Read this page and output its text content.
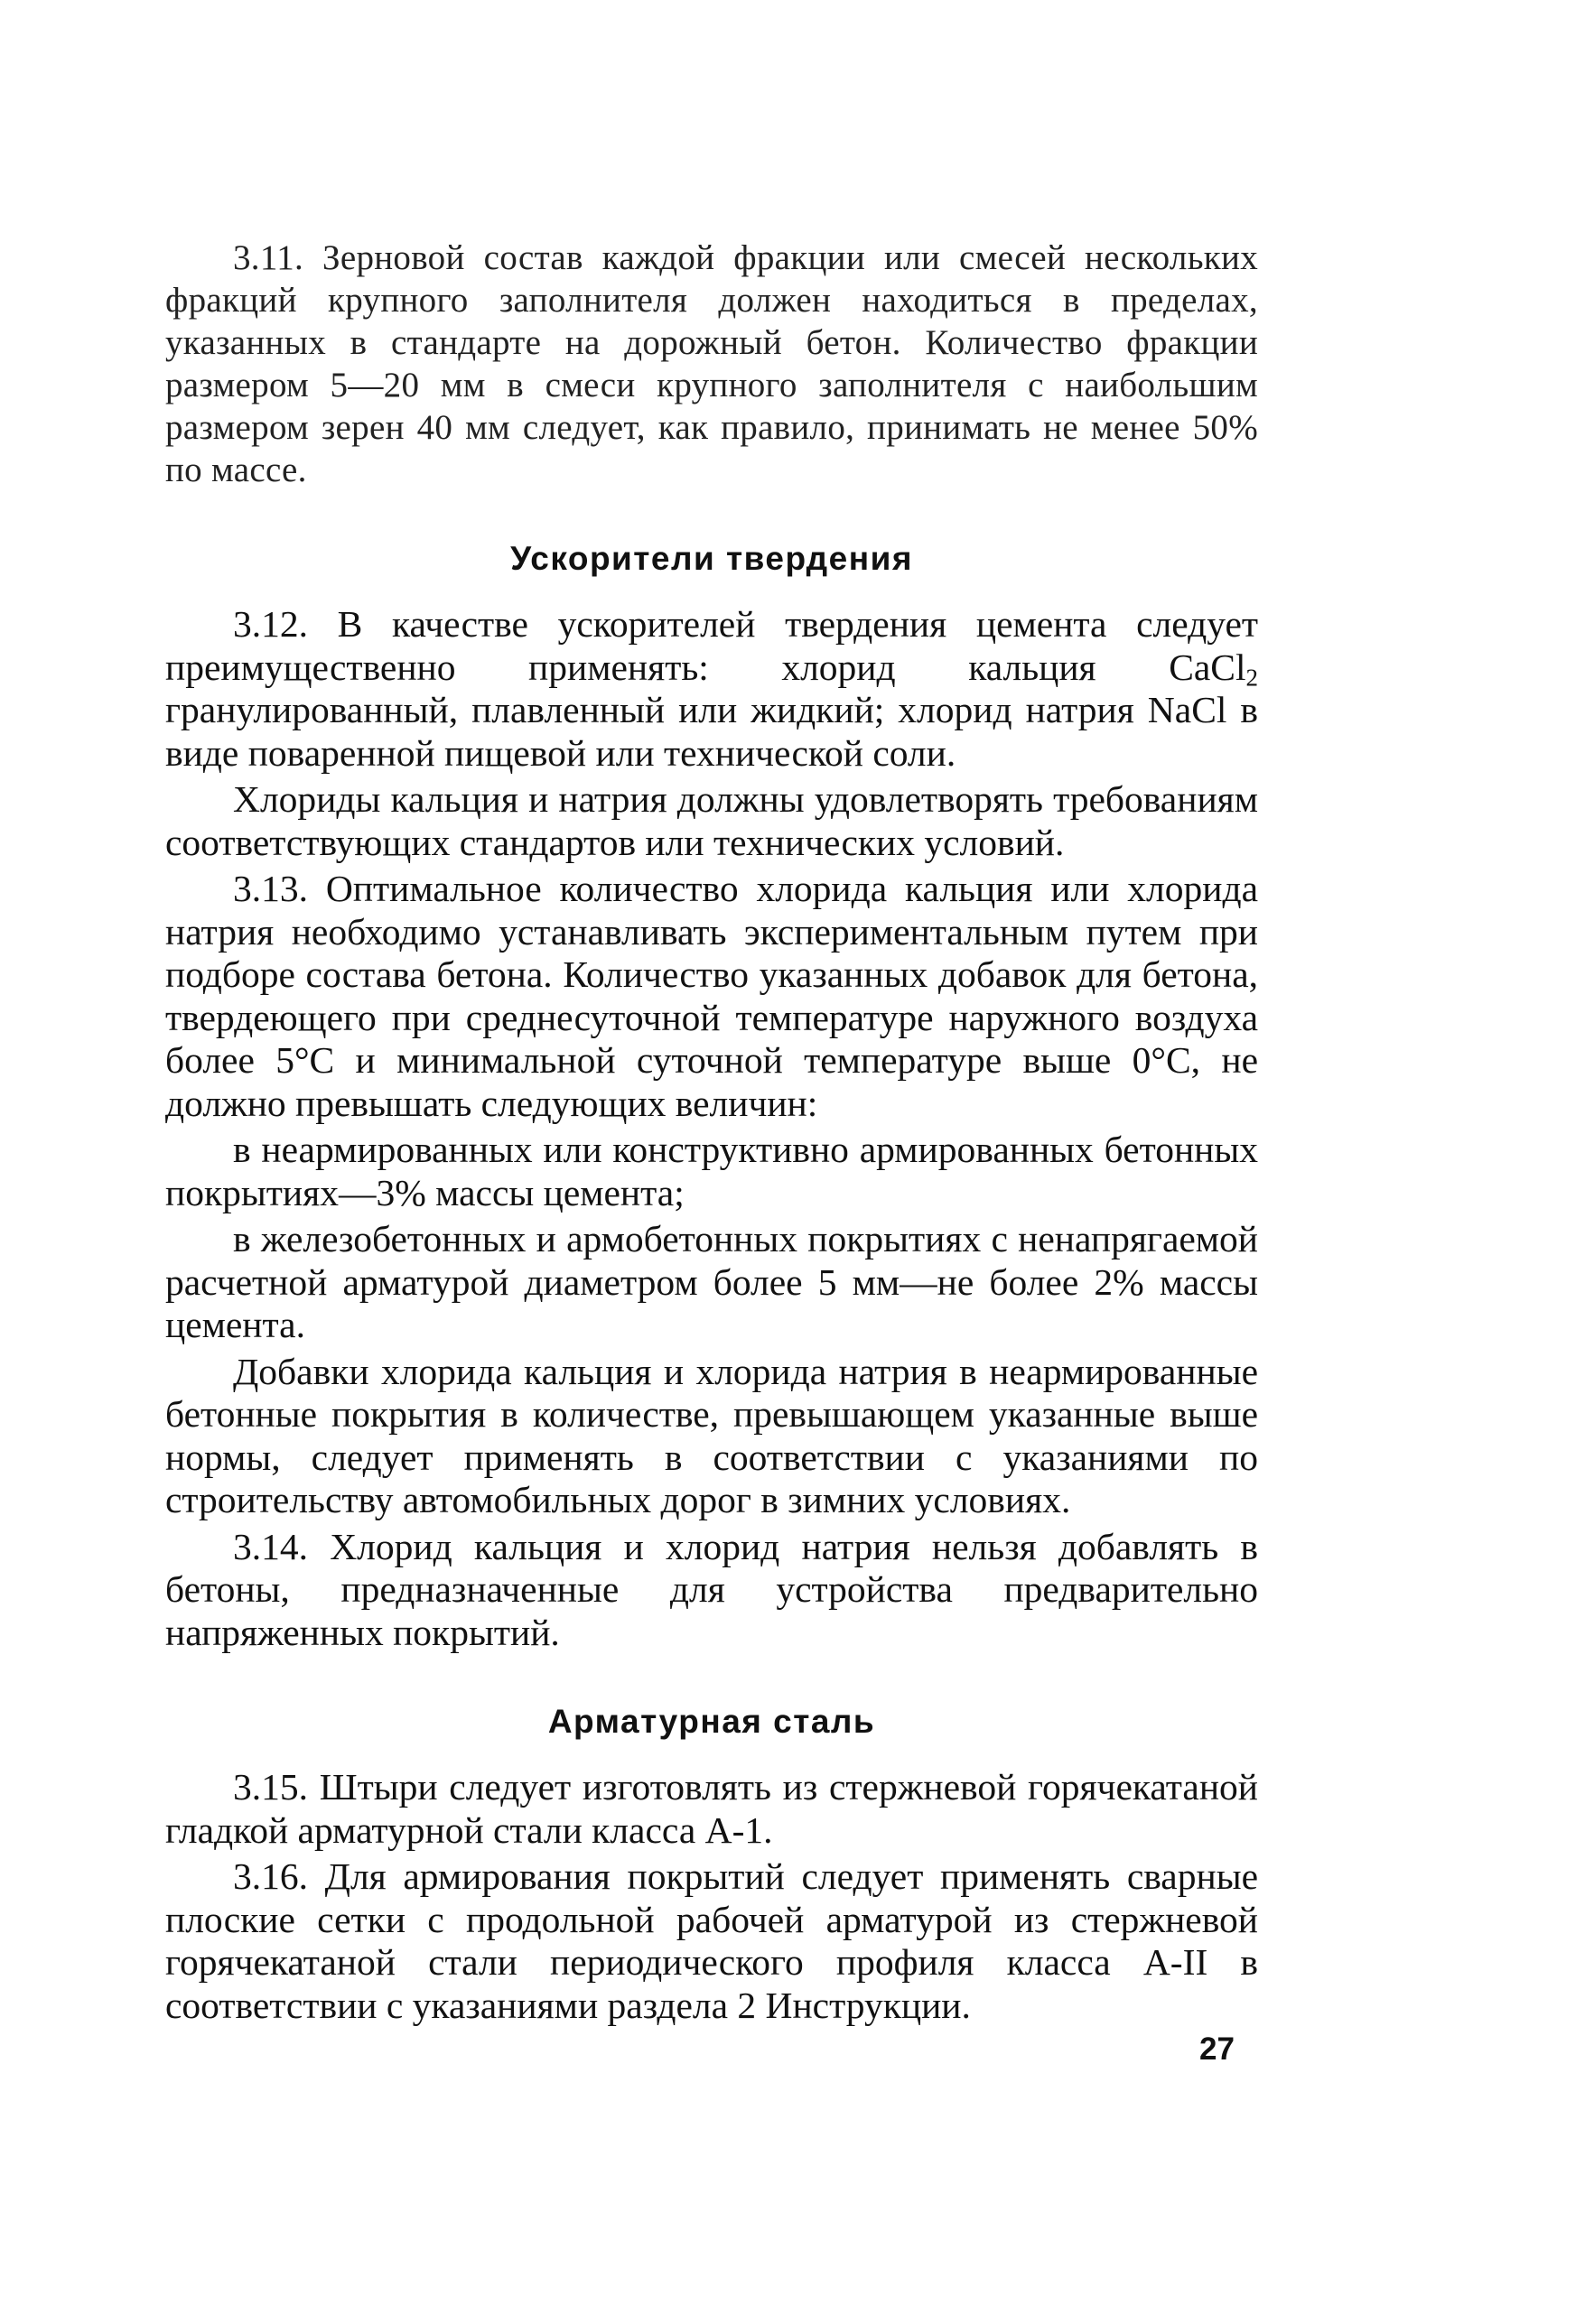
3.11. Зерновой состав каждой фракции или смесей нескольких фракций крупного заполнителя должен находиться в пределах, указанных в стандарте на дорожный бетон. Количество фракции размером 5—20 мм в смеси крупного заполнителя с наибольшим размером зерен 40 мм следует, как правило, принимать не менее 50% по массе.

Ускорители твердения

3.12. В качестве ускорителей твердения цемента следует преимущественно применять: хлорид кальция CaCl$_2$ гранулированный, плавленный или жидкий; хлорид натрия NaCl в виде поваренной пищевой или технической соли.

Хлориды кальция и натрия должны удовлетворять требованиям соответствующих стандартов или технических условий.

3.13. Оптимальное количество хлорида кальция или хлорида натрия необходимо устанавливать экспериментальным путем при подборе состава бетона. Количество указанных добавок для бетона, твердеющего при среднесуточной температуре наружного воздуха более 5°С и минимальной суточной температуре выше 0°С, не должно превышать следующих величин:

в неармированных или конструктивно армированных бетонных покрытиях—3% массы цемента;

в железобетонных и армобетонных покрытиях с ненапрягаемой расчетной арматурой диаметром более 5 мм—не более 2% массы цемента.

Добавки хлорида кальция и хлорида натрия в неармированные бетонные покрытия в количестве, превышающем указанные выше нормы, следует применять в соответствии с указаниями по строительству автомобильных дорог в зимних условиях.

3.14. Хлорид кальция и хлорид натрия нельзя добавлять в бетоны, предназначенные для устройства предварительно напряженных покрытий.

Арматурная сталь

3.15. Штыри следует изготовлять из стержневой горячекатаной гладкой арматурной стали класса А-1.

3.16. Для армирования покрытий следует применять сварные плоские сетки с продольной рабочей арматурой из стержневой горячекатаной стали периодического профиля класса А-II в соответствии с указаниями раздела 2 Инструкции.

27
